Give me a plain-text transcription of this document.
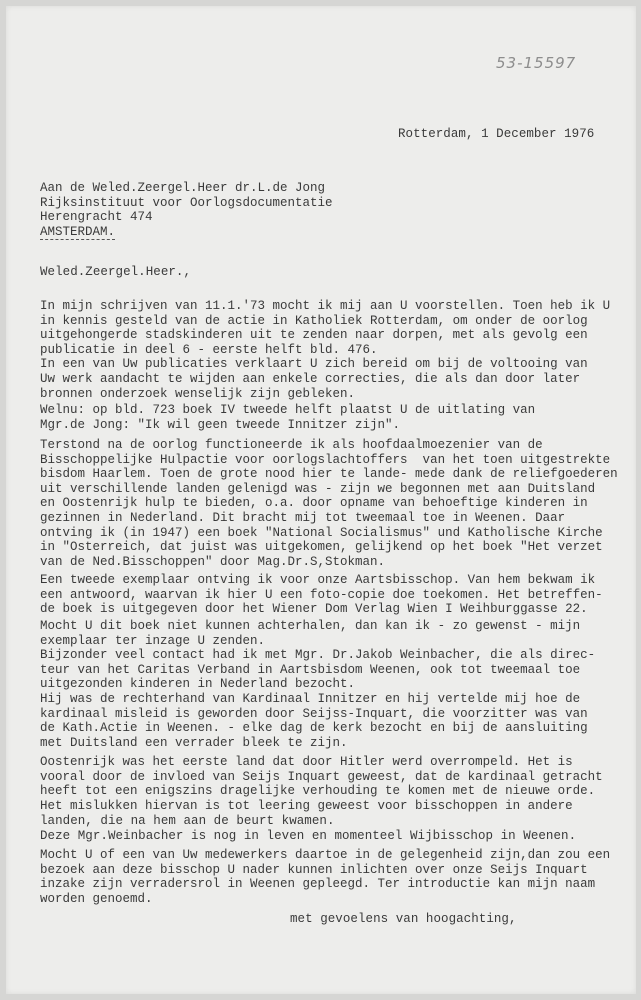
53-15597
Rotterdam, 1 December 1976
Aan de Weled.Zeergel.Heer dr.L.de Jong
Rijksinstituut voor Oorlogsdocumentatie
Herengracht 474
AMSTERDAM.
Weled.Zeergel.Heer.,
In mijn schrijven van 11.1.'73 mocht ik mij aan U voorstellen. Toen heb ik U
in kennis gesteld van de actie in Katholiek Rotterdam, om onder de oorlog
uitgehongerde stadskinderen uit te zenden naar dorpen, met als gevolg een
publicatie in deel 6 - eerste helft bld. 476.
In een van Uw publicaties verklaart U zich bereid om bij de voltooing van
Uw werk aandacht te wijden aan enkele correcties, die als dan door later
bronnen onderzoek wenselijk zijn gebleken.
Welnu: op bld. 723 boek IV tweede helft plaatst U de uitlating van
Mgr.de Jong: "Ik wil geen tweede Innitzer zijn".
Terstond na de oorlog functioneerde ik als hoofdaalmoezenier van de
Bisschoppelijke Hulpactie voor oorlogslachtoffers  van het toen uitgestrekte
bisdom Haarlem. Toen de grote nood hier te lande- mede dank de reliefgoederen
uit verschillende landen gelenigd was - zijn we begonnen met aan Duitsland
en Oostenrijk hulp te bieden, o.a. door opname van behoeftige kinderen in
gezinnen in Nederland. Dit bracht mij tot tweemaal toe in Weenen. Daar
ontving ik (in 1947) een boek "National Socialismus" und Katholische Kirche
in "Osterreich, dat juist was uitgekomen, gelijkend op het boek "Het verzet
van de Ned.Bisschoppen" door Mag.Dr.S,Stokman.
Een tweede exemplaar ontving ik voor onze Aartsbisschop. Van hem bekwam ik
een antwoord, waarvan ik hier U een foto-copie doe toekomen. Het betreffen-
de boek is uitgegeven door het Wiener Dom Verlag Wien I Weihburggasse 22.
Mocht U dit boek niet kunnen achterhalen, dan kan ik - zo gewenst - mijn
exemplaar ter inzage U zenden.
Bijzonder veel contact had ik met Mgr. Dr.Jakob Weinbacher, die als direc-
teur van het Caritas Verband in Aartsbisdom Weenen, ook tot tweemaal toe
uitgezonden kinderen in Nederland bezocht.
Hij was de rechterhand van Kardinaal Innitzer en hij vertelde mij hoe de
kardinaal misleid is geworden door Seijss-Inquart, die voorzitter was van
de Kath.Actie in Weenen. - elke dag de kerk bezocht en bij de aansluiting
met Duitsland een verrader bleek te zijn.
Oostenrijk was het eerste land dat door Hitler werd overrompeld. Het is
vooral door de invloed van Seijs Inquart geweest, dat de kardinaal getracht
heeft tot een enigszins dragelijke verhouding te komen met de nieuwe orde.
Het mislukken hiervan is tot leering geweest voor bisschoppen in andere
landen, die na hem aan de beurt kwamen.
Deze Mgr.Weinbacher is nog in leven en momenteel Wijbisschop in Weenen.
Mocht U of een van Uw medewerkers daartoe in de gelegenheid zijn,dan zou een
bezoek aan deze bisschop U nader kunnen inlichten over onze Seijs Inquart
inzake zijn verradersrol in Weenen gepleegd. Ter introductie kan mijn naam
worden genoemd.
met gevoelens van hoogachting,
